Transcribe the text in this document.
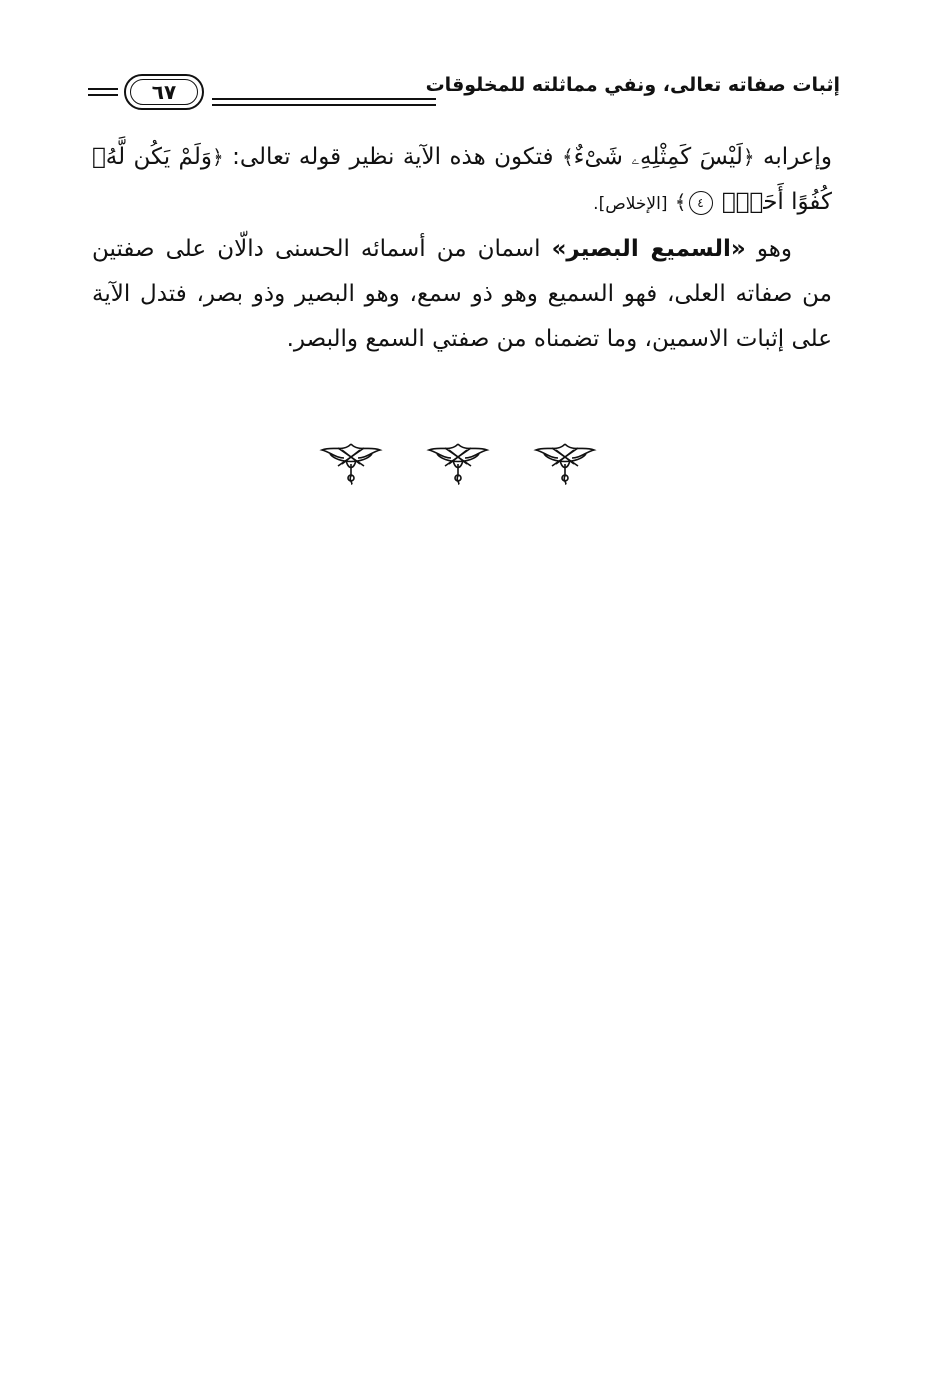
٦٧	إثبات صفاته تعالى، ونفي مماثلته للمخلوقات

وإعرابه ﴿لَيْسَ كَمِثْلِهِۦ شَىْءٌ﴾ فتكون هذه الآية نظير قوله تعالى: ﴿وَلَمْ يَكُن لَّهُۥ كُفُوًا أَحَدٌۢ ٤﴾ [الإخلاص].

وهو «السميع البصير» اسمان من أسمائه الحسنى دالّان على صفتين من صفاته العلى، فهو السميع وهو ذو سمع، وهو البصير وذو بصر، فتدل الآية على إثبات الاسمين، وما تضمناه من صفتي السمع والبصر.
